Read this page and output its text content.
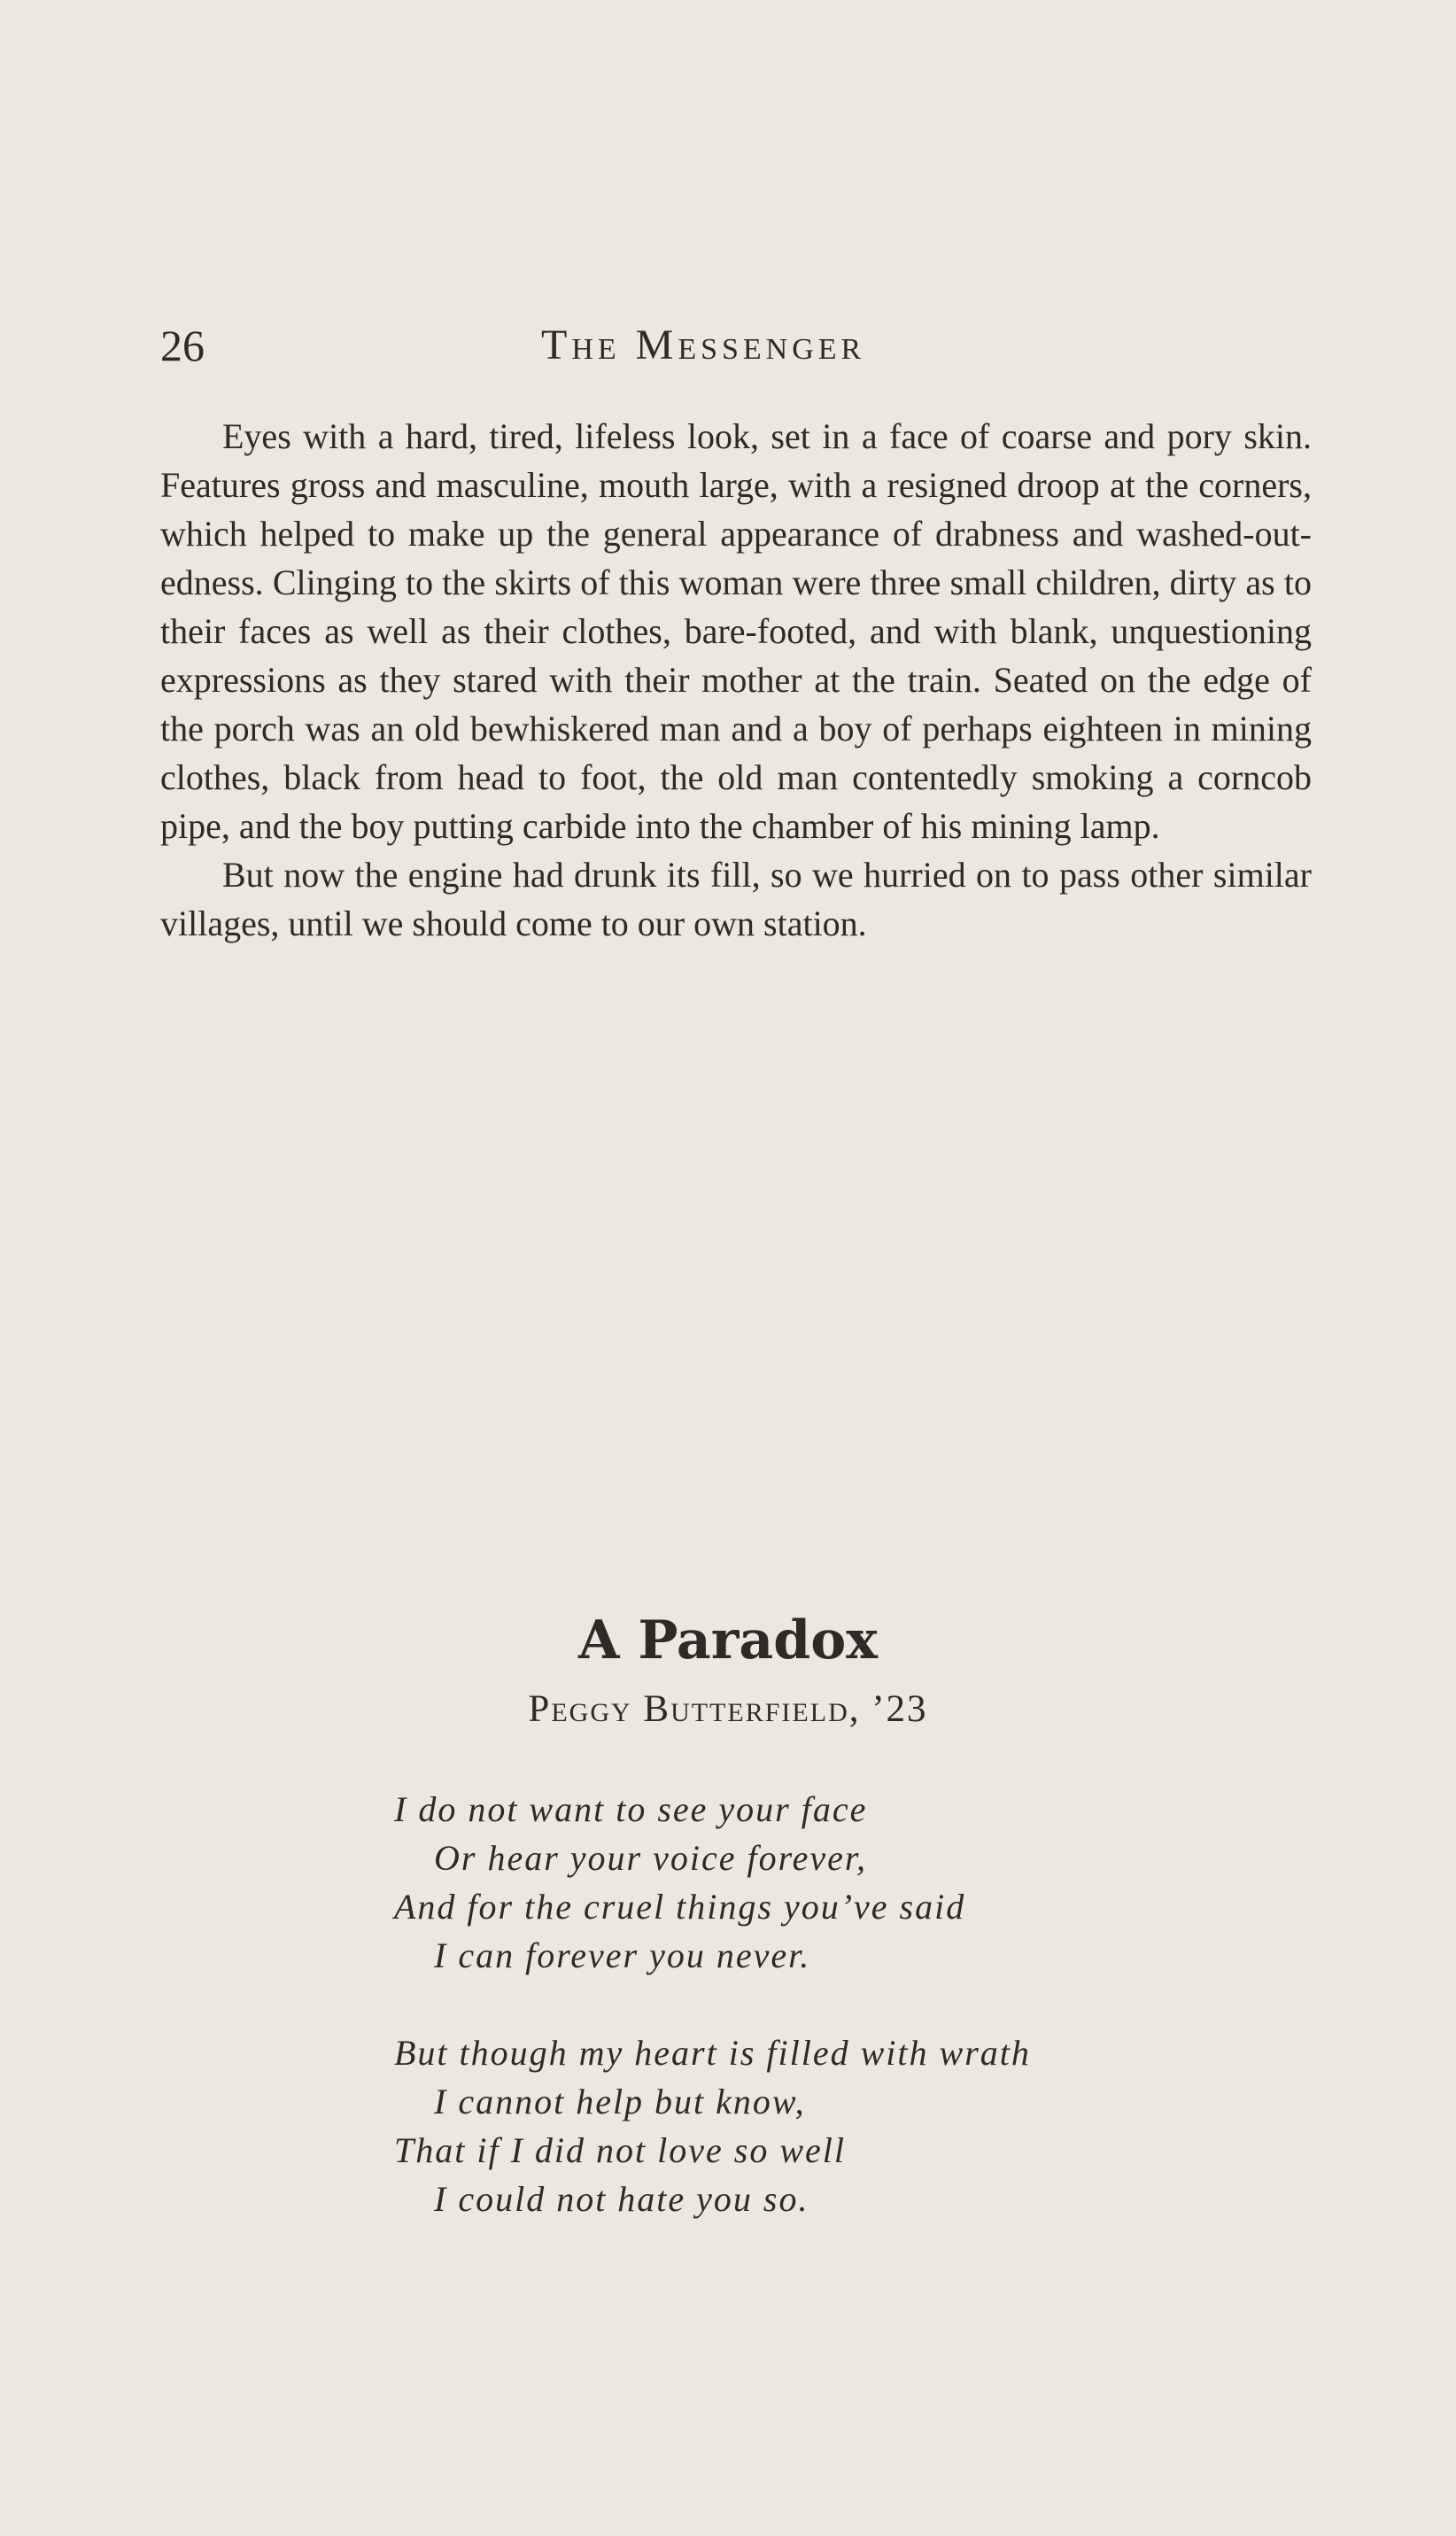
26	The Messenger

Eyes with a hard, tired, lifeless look, set in a face of coarse and pory skin. Features gross and masculine, mouth large, with a resigned droop at the corners, which helped to make up the general appearance of drabness and washed-out-edness. Clinging to the skirts of this woman were three small children, dirty as to their faces as well as their clothes, bare-footed, and with blank, unquestioning expressions as they stared with their mother at the train. Seated on the edge of the porch was an old bewhiskered man and a boy of perhaps eighteen in mining clothes, black from head to foot, the old man contentedly smoking a corncob pipe, and the boy putting carbide into the chamber of his mining lamp.

But now the engine had drunk its fill, so we hurried on to pass other similar villages, until we should come to our own station.

A Paradox
Peggy Butterfield, ’23
I do not want to see your face
Or hear your voice forever,
And for the cruel things you’ve said
I can forever you never.
But though my heart is filled with wrath
I cannot help but know,
That if I did not love so well
I could not hate you so.
